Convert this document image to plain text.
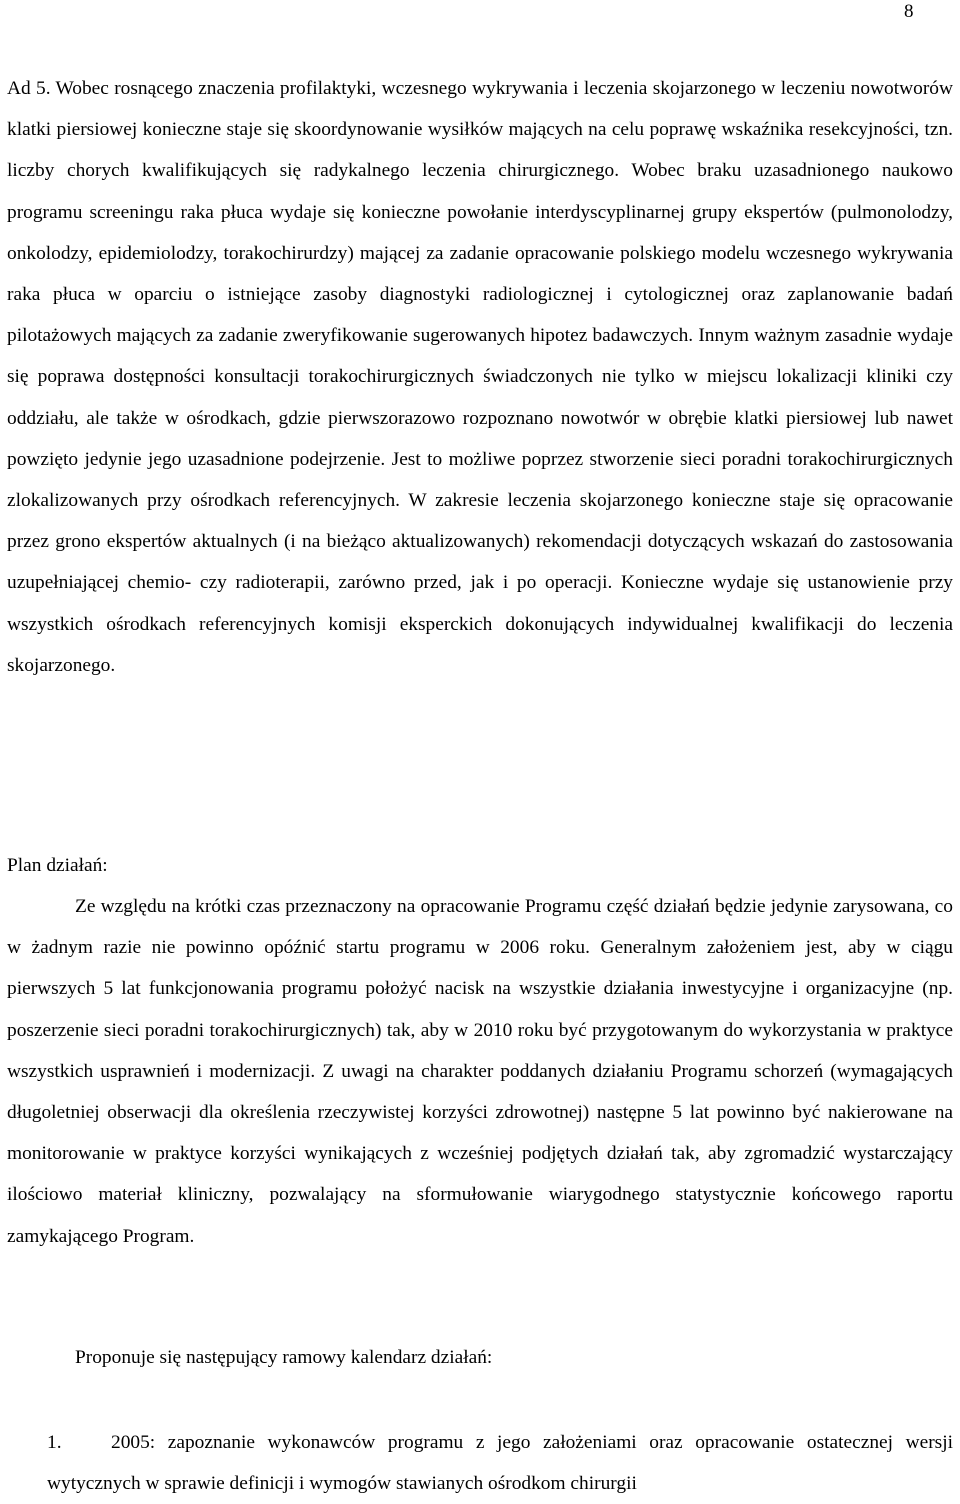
8

Ad 5. Wobec rosnącego znaczenia profilaktyki, wczesnego wykrywania i leczenia skojarzonego w leczeniu nowotworów klatki piersiowej konieczne staje się skoordynowanie wysiłków mających na celu poprawę wskaźnika resekcyjności, tzn. liczby chorych kwalifikujących się radykalnego leczenia chirurgicznego. Wobec braku uzasadnionego naukowo programu screeningu raka płuca wydaje się konieczne powołanie interdyscyplinarnej grupy ekspertów (pulmonolodzy, onkolodzy, epidemiolodzy, torakochirurdzy) mającej za zadanie opracowanie polskiego modelu wczesnego wykrywania raka płuca w oparciu o istniejące zasoby diagnostyki radiologicznej i cytologicznej oraz zaplanowanie badań pilotażowych mających za zadanie zweryfikowanie sugerowanych hipotez badawczych. Innym ważnym zasadnie wydaje się poprawa dostępności konsultacji torakochirurgicznych świadczonych nie tylko w miejscu lokalizacji kliniki czy oddziału, ale także w ośrodkach, gdzie pierwszorazowo rozpoznano nowotwór w obrębie klatki piersiowej lub nawet powzięto jedynie jego uzasadnione podejrzenie. Jest to możliwe poprzez stworzenie sieci poradni torakochirurgicznych zlokalizowanych przy ośrodkach referencyjnych. W zakresie leczenia skojarzonego konieczne staje się opracowanie przez grono ekspertów aktualnych (i na bieżąco aktualizowanych) rekomendacji dotyczących wskazań do zastosowania uzupełniającej chemio- czy radioterapii, zarówno przed, jak i po operacji. Konieczne wydaje się ustanowienie przy wszystkich ośrodkach referencyjnych komisji eksperckich dokonujących indywidualnej kwalifikacji do leczenia skojarzonego.

Plan działań:

Ze względu na krótki czas przeznaczony na opracowanie Programu część działań będzie jedynie zarysowana, co w żadnym razie nie powinno opóźnić startu programu w 2006 roku. Generalnym założeniem jest, aby w ciągu pierwszych 5 lat funkcjonowania programu położyć nacisk na wszystkie działania inwestycyjne i organizacyjne (np. poszerzenie sieci poradni torakochirurgicznych) tak, aby w 2010 roku być przygotowanym do wykorzystania w praktyce wszystkich usprawnień i modernizacji. Z uwagi na charakter poddanych działaniu Programu schorzeń (wymagających długoletniej obserwacji dla określenia rzeczywistej korzyści zdrowotnej) następne 5 lat powinno być nakierowane na monitorowanie w praktyce korzyści wynikających z wcześniej podjętych działań tak, aby zgromadzić wystarczający ilościowo materiał kliniczny, pozwalający na sformułowanie wiarygodnego statystycznie końcowego raportu zamykającego Program.

Proponuje się następujący ramowy kalendarz działań:

1.	2005: zapoznanie wykonawców programu z jego założeniami oraz opracowanie ostatecznej wersji wytycznych w sprawie definicji i wymogów stawianych ośrodkom chirurgii
